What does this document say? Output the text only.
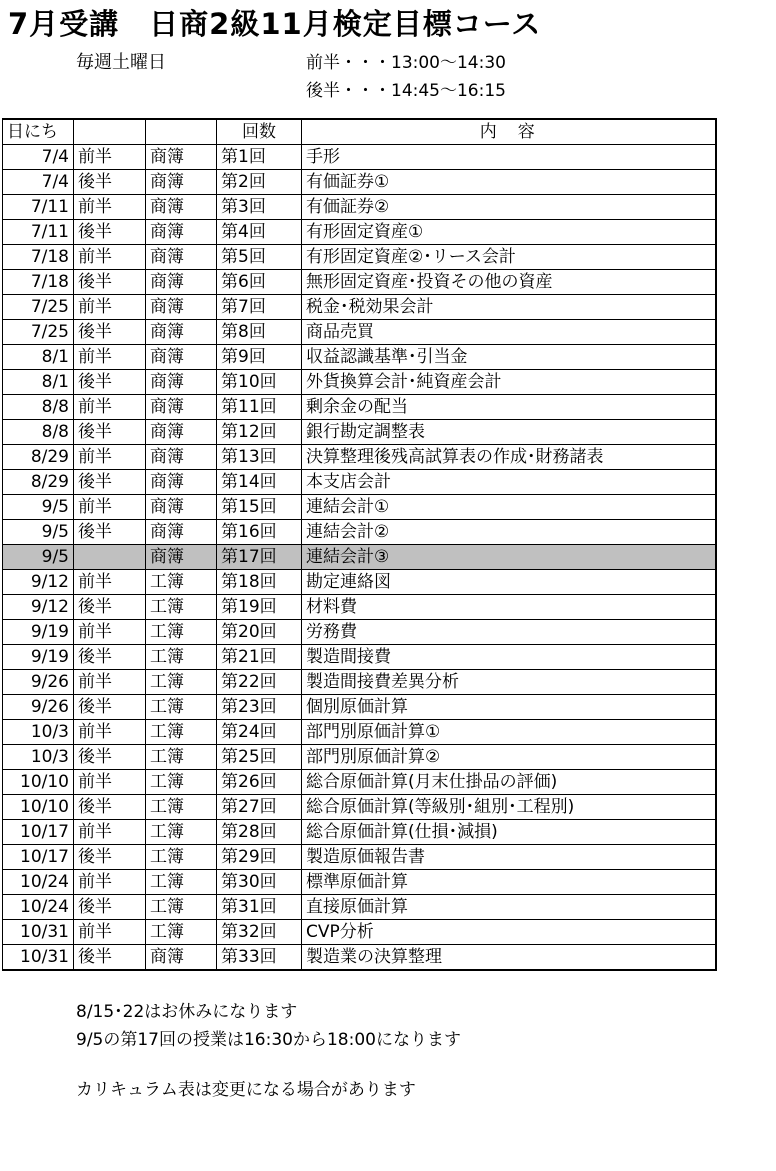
7月受講　日商2級11月検定目標コース
毎週土曜日	前半・・・13:00～14:30
後半・・・14:45～16:15
日にち			回数	内　容
7/4	前半	商簿	第1回	手形
7/4	後半	商簿	第2回	有価証券①
7/11	前半	商簿	第3回	有価証券②
7/11	後半	商簿	第4回	有形固定資産①
7/18	前半	商簿	第5回	有形固定資産②･リース会計
7/18	後半	商簿	第6回	無形固定資産･投資その他の資産
7/25	前半	商簿	第7回	税金･税効果会計
7/25	後半	商簿	第8回	商品売買
8/1	前半	商簿	第9回	収益認識基準･引当金
8/1	後半	商簿	第10回	外貨換算会計･純資産会計
8/8	前半	商簿	第11回	剰余金の配当
8/8	後半	商簿	第12回	銀行勘定調整表
8/29	前半	商簿	第13回	決算整理後残高試算表の作成･財務諸表
8/29	後半	商簿	第14回	本支店会計
9/5	前半	商簿	第15回	連結会計①
9/5	後半	商簿	第16回	連結会計②
9/5		商簿	第17回	連結会計③
9/12	前半	工簿	第18回	勘定連絡図
9/12	後半	工簿	第19回	材料費
9/19	前半	工簿	第20回	労務費
9/19	後半	工簿	第21回	製造間接費
9/26	前半	工簿	第22回	製造間接費差異分析
9/26	後半	工簿	第23回	個別原価計算
10/3	前半	工簿	第24回	部門別原価計算①
10/3	後半	工簿	第25回	部門別原価計算②
10/10	前半	工簿	第26回	総合原価計算(月末仕掛品の評価)
10/10	後半	工簿	第27回	総合原価計算(等級別･組別･工程別)
10/17	前半	工簿	第28回	総合原価計算(仕損･減損)
10/17	後半	工簿	第29回	製造原価報告書
10/24	前半	工簿	第30回	標準原価計算
10/24	後半	工簿	第31回	直接原価計算
10/31	前半	工簿	第32回	CVP分析
10/31	後半	商簿	第33回	製造業の決算整理
8/15･22はお休みになります
9/5の第17回の授業は16:30から18:00になります
カリキュラム表は変更になる場合があります
